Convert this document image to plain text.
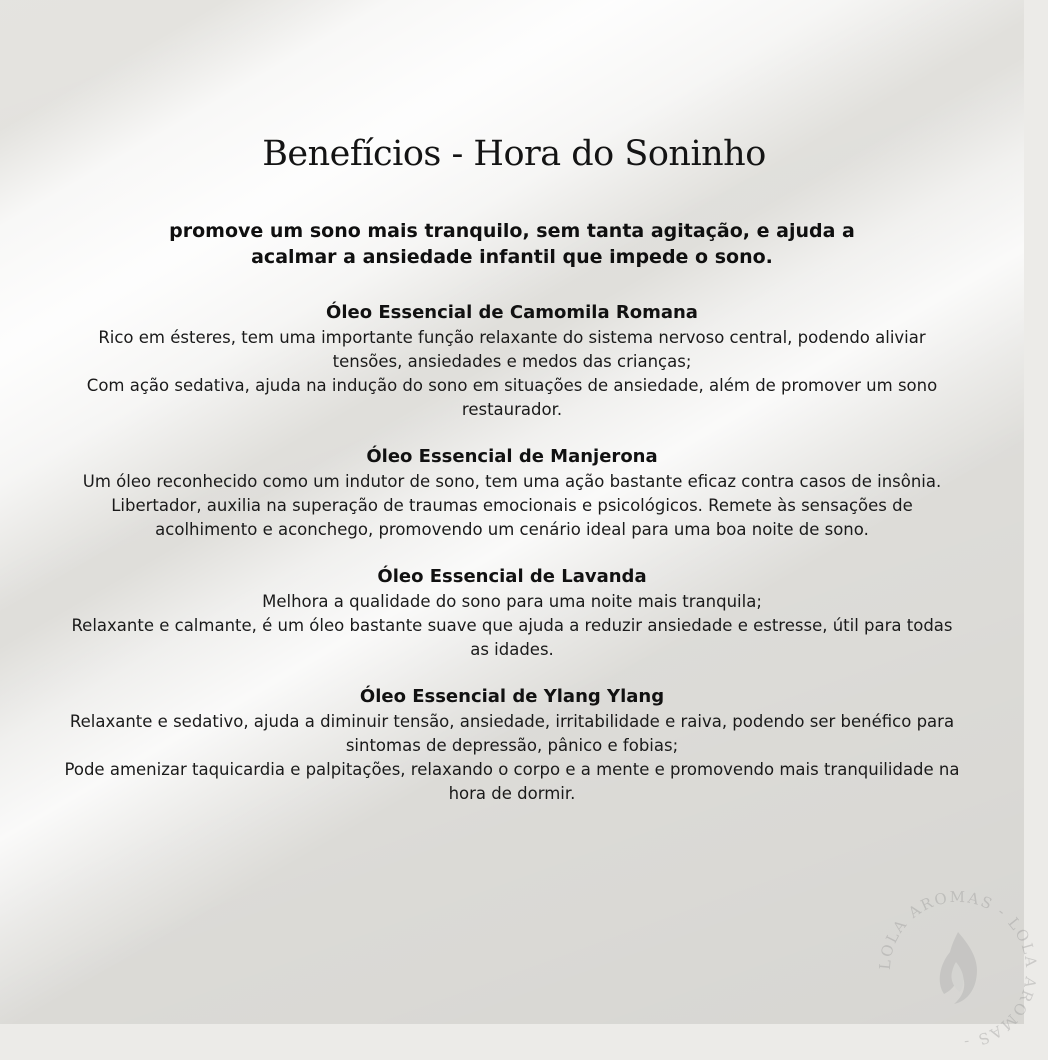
Benefícios - Hora do Soninho
promove um sono mais tranquilo, sem tanta agitação, e ajuda a acalmar a ansiedade infantil que impede o sono.
Óleo Essencial de Camomila Romana

Rico em ésteres, tem uma importante função relaxante do sistema nervoso central, podendo aliviar tensões, ansiedades e medos das crianças;

Com ação sedativa, ajuda na indução do sono em situações de ansiedade, além de promover um sono restaurador.

Óleo Essencial de Manjerona

Um óleo reconhecido como um indutor de sono, tem uma ação bastante eficaz contra casos de insônia.

Libertador, auxilia na superação de traumas emocionais e psicológicos. Remete às sensações de acolhimento e aconchego, promovendo um cenário ideal para uma boa noite de sono.

Óleo Essencial de Lavanda

Melhora a qualidade do sono para uma noite mais tranquila;

Relaxante e calmante, é um óleo bastante suave que ajuda a reduzir ansiedade e estresse, útil para todas as idades.

Óleo Essencial de Ylang Ylang

Relaxante e sedativo, ajuda a diminuir tensão, ansiedade, irritabilidade e raiva, podendo ser benéfico para sintomas de depressão, pânico e fobias;

Pode amenizar taquicardia e palpitações, relaxando o corpo e a mente e promovendo mais tranquilidade na hora de dormir.

LOLA AROMAS - LOLA AROMAS -
